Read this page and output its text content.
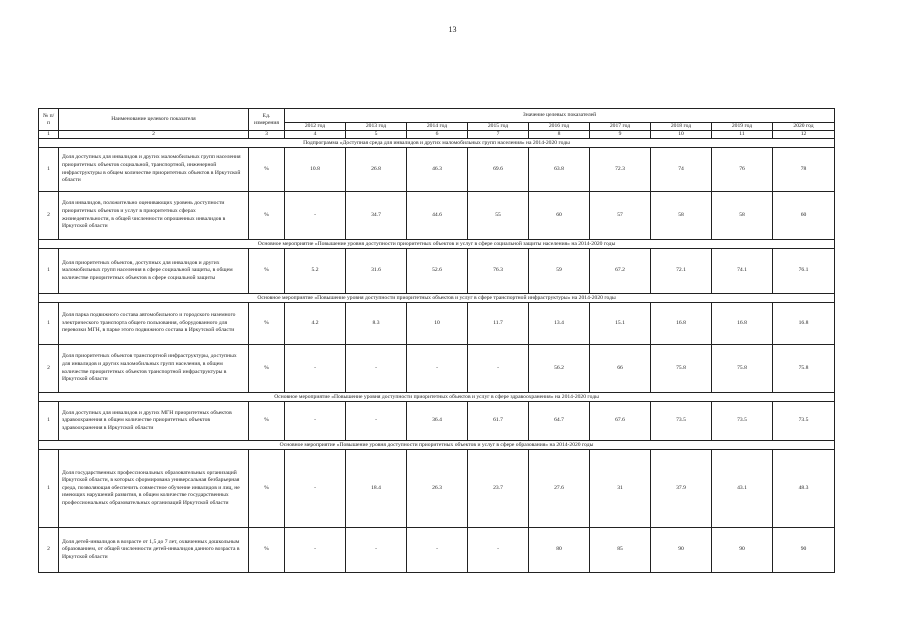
13
№ п/п	Наименование целевого показателя	Ед. измерения	Значение целевых показателей								
			2012 год	2013 год	2014 год	2015 год	2016 год	2017 год	2018 год	2019 год	2020 год
1	2	3	4	5	6	7	8	9	10	11	12
Подпрограмма «Доступная среда для инвалидов и других маломобильных групп населения» на 2014-2020 годы											
1	Доля доступных для инвалидов и других маломобильных групп населения приоритетных объектов социальной, транспортной, инженерной инфраструктуры в общем количестве приоритетных объектов в Иркутской области	%	10.8	26.8	46.3	69.6	63.8	72.3	74	76	78
2	Доля инвалидов, положительно оценивающих уровень доступности приоритетных объектов и услуг в приоритетных сферах жизнедеятельности, в общей численности опрошенных инвалидов в Иркутской области	%	-	34.7	44.6	55	60	57	58	58	60
Основное мероприятие «Повышение уровня доступности приоритетных объектов и услуг в сфере социальной защиты населения» на 2014-2020 годы											
1	Доля приоритетных объектов, доступных для инвалидов и других маломобильных групп населения в сфере социальной защиты, в общем количестве приоритетных объектов в сфере социальной защиты	%	5.2	31.6	52.6	76.3	59	67.2	72.1	74.1	76.1
Основное мероприятие «Повышение уровня доступности приоритетных объектов и услуг в сфере транспортной инфраструктуры» на 2014-2020 годы											
1	Доля парка подвижного состава автомобильного и городского наземного электрического транспорта общего пользования, оборудованного для перевозки МГН, в парке этого подвижного состава в Иркутской области	%	4.2	8.3	10	11.7	13.4	15.1	16.8	16.8	16.8
2	Доля приоритетных объектов транспортной инфраструктуры, доступных для инвалидов и других маломобильных групп населения, в общем количестве приоритетных объектов транспортной инфраструктуры в Иркутской области	%	-	-	-	-	56.2	66	75.8	75.8	75.8
Основное мероприятие «Повышение уровня доступности приоритетных объектов и услуг в сфере здравоохранения» на 2014-2020 годы											
1	Доля доступных для инвалидов и других МГН приоритетных объектов здравоохранения в общем количестве приоритетных объектов здравоохранения в Иркутской области	%	-	-	36.4	61.7	64.7	67.6	73.5	73.5	73.5
Основное мероприятие «Повышение уровня доступности приоритетных объектов и услуг в сфере образования» на 2014-2020 годы											
1	Доля государственных профессиональных образовательных организаций Иркутской области, в которых сформирована универсальная безбарьерная среда, позволяющая обеспечить совместное обучение инвалидов и лиц, не имеющих нарушений развития, в общем количестве государственных профессиональных образовательных организаций Иркутской области	%	-	18.4	26.3	23.7	27.6	31	37.9	43.1	48.3
2	Доля детей-инвалидов в возрасте от 1,5 до 7 лет, охваченных дошкольным образованием, от общей численности детей-инвалидов данного возраста в Иркутской области	%	-	-	-	-	80	85	90	90	90
